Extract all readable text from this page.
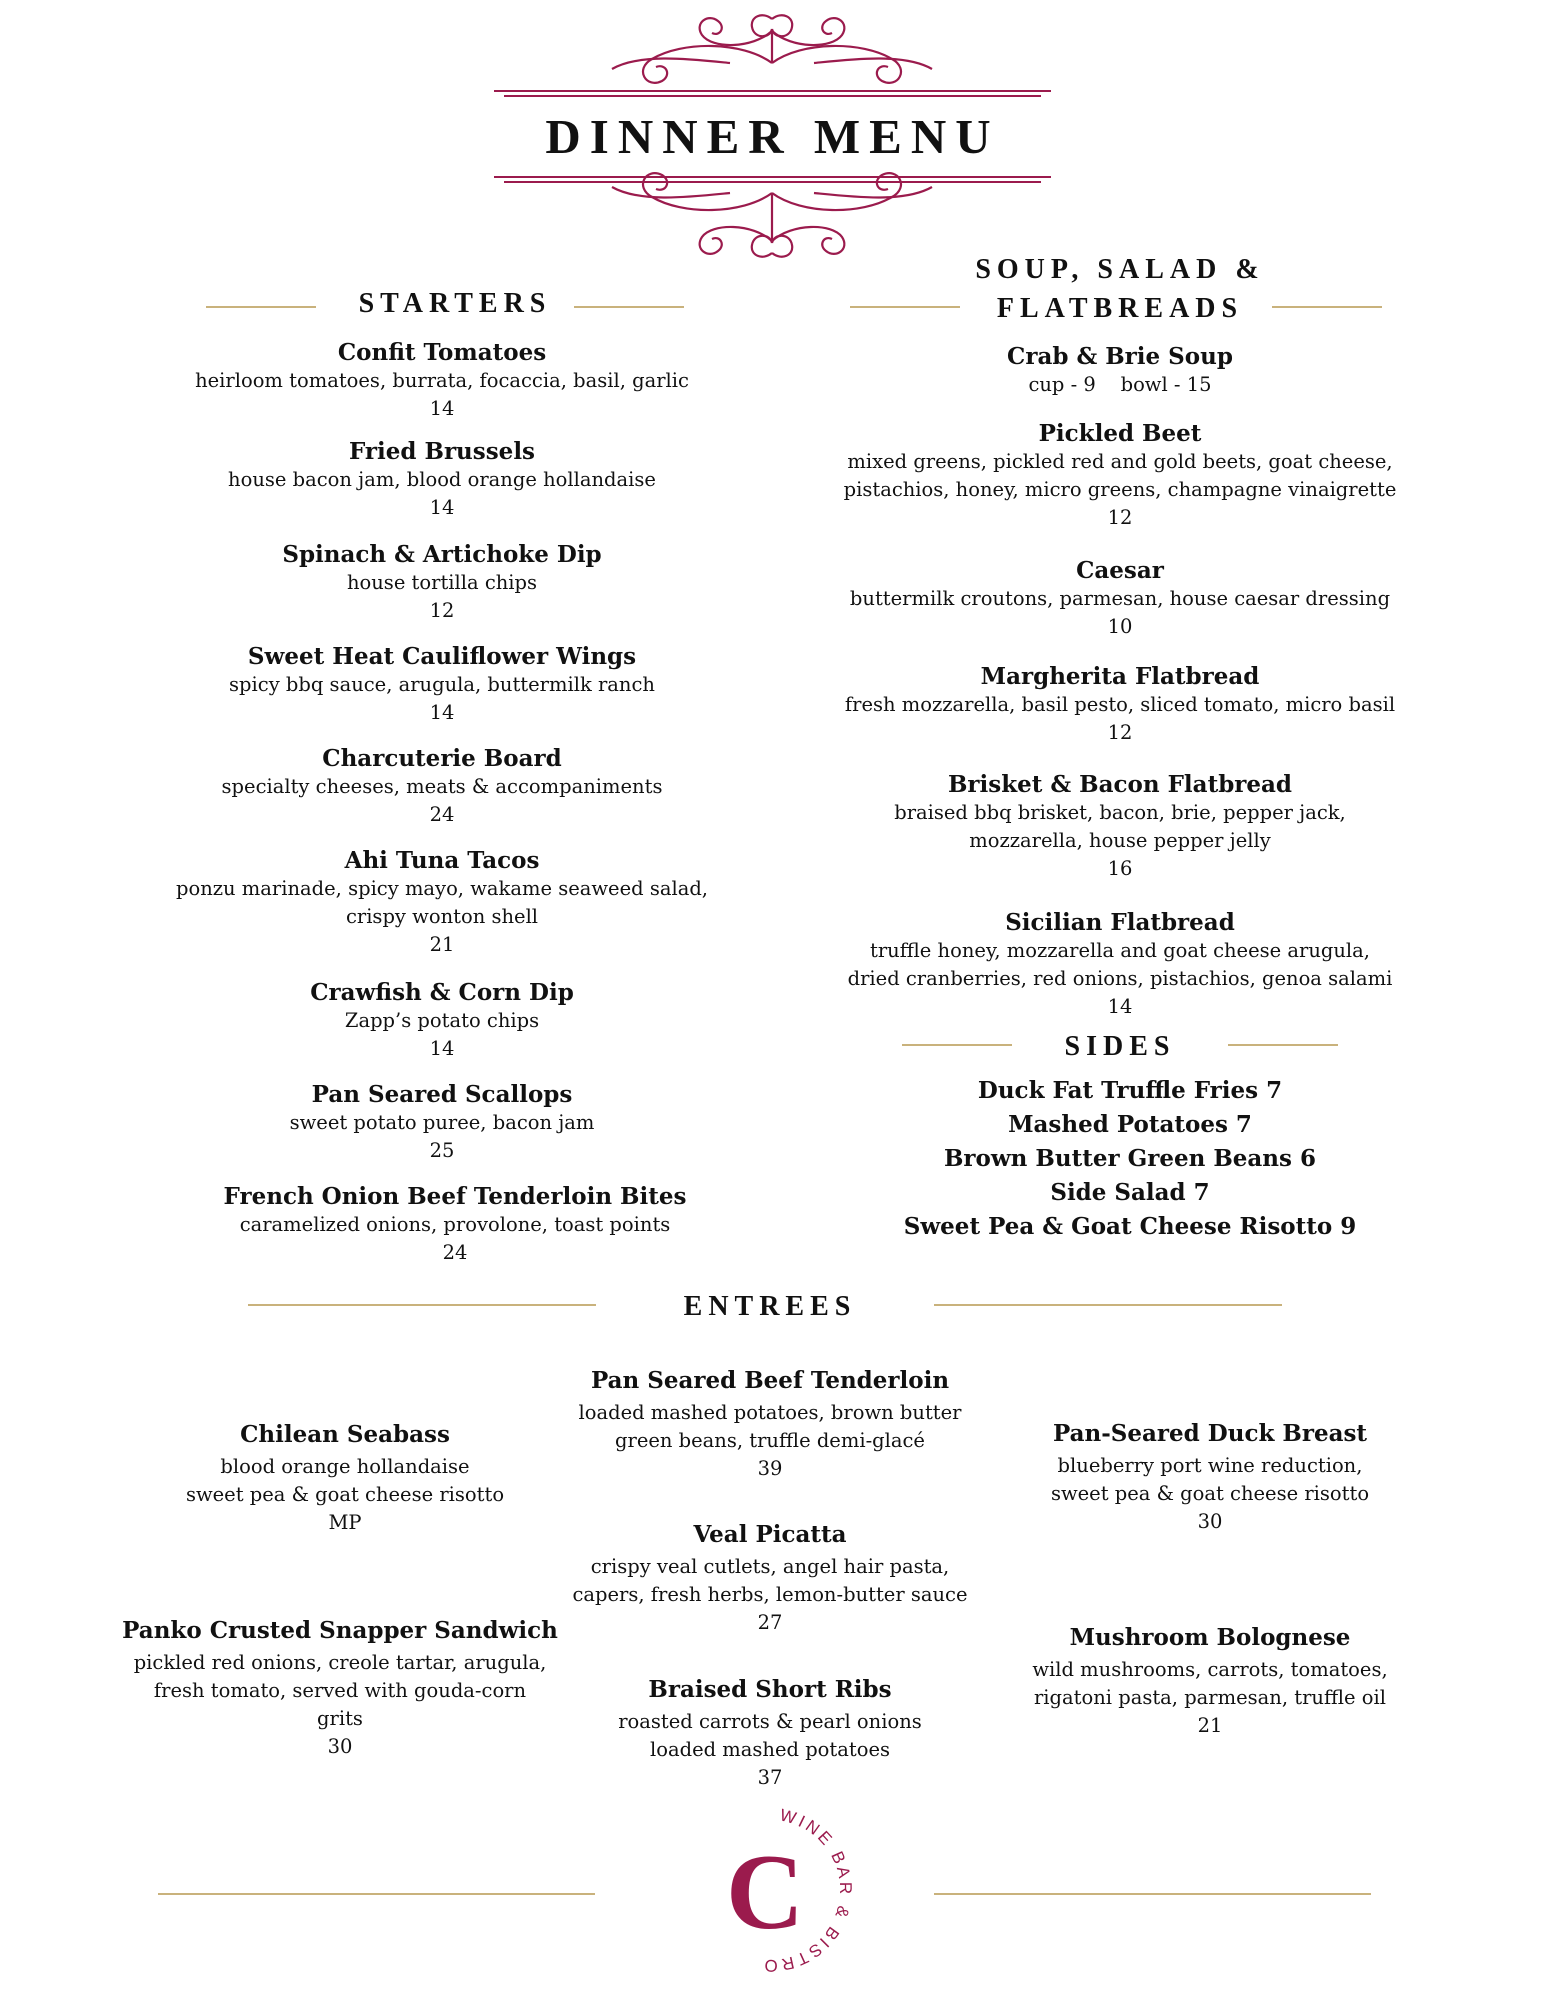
DINNER MENU
STARTERS
Confit Tomatoes
heirloom tomatoes, burrata, focaccia, basil, garlic
14
Fried Brussels
house bacon jam, blood orange hollandaise
14
Spinach & Artichoke Dip
house tortilla chips
12
Sweet Heat Cauliflower Wings
spicy bbq sauce, arugula, buttermilk ranch
14
Charcuterie Board
specialty cheeses, meats & accompaniments
24
Ahi Tuna Tacos
ponzu marinade, spicy mayo, wakame seaweed salad,
crispy wonton shell
21
Crawfish & Corn Dip
Zapp’s potato chips
14
Pan Seared Scallops
sweet potato puree, bacon jam
25
French Onion Beef Tenderloin Bites
caramelized onions, provolone, toast points
24
SOUP, SALAD &
FLATBREADS
Crab & Brie Soup
cup - 9    bowl - 15
Pickled Beet
mixed greens, pickled red and gold beets, goat cheese,
pistachios, honey, micro greens, champagne vinaigrette
12
Caesar
buttermilk croutons, parmesan, house caesar dressing
10
Margherita Flatbread
fresh mozzarella, basil pesto, sliced tomato, micro basil
12
Brisket & Bacon Flatbread
braised bbq brisket, bacon, brie, pepper jack,
mozzarella, house pepper jelly
16
Sicilian Flatbread
truffle honey, mozzarella and goat cheese arugula,
dried cranberries, red onions, pistachios, genoa salami
14
SIDES
Duck Fat Truffle Fries 7
Mashed Potatoes 7
Brown Butter Green Beans 6
Side Salad 7
Sweet Pea & Goat Cheese Risotto 9
ENTREES
Pan Seared Beef Tenderloin
loaded mashed potatoes, brown butter
green beans, truffle demi-glacé
39
Chilean Seabass
blood orange hollandaise
sweet pea & goat cheese risotto
MP
Pan-Seared Duck Breast
blueberry port wine reduction,
sweet pea & goat cheese risotto
30
Veal Picatta
crispy veal cutlets, angel hair pasta,
capers, fresh herbs, lemon-butter sauce
27
Panko Crusted Snapper Sandwich
pickled red onions, creole tartar, arugula,
fresh tomato, served with gouda-corn
grits
30
Braised Short Ribs
roasted carrots & pearl onions
loaded mashed potatoes
37
Mushroom Bolognese
wild mushrooms, carrots, tomatoes,
rigatoni pasta, parmesan, truffle oil
21
C
WINE BAR & BISTRO
